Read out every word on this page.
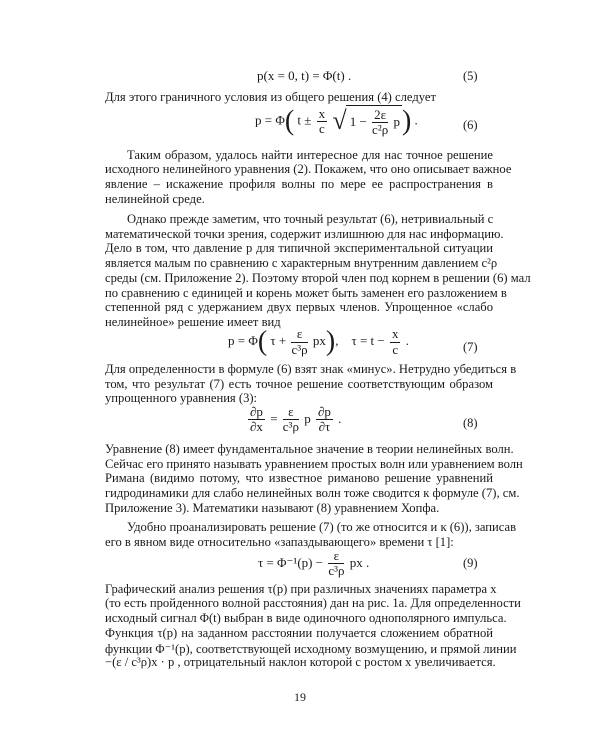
p(x = 0, t) = Φ(t) .	(5)
Для этого граничного условия из общего решения (4) следует
p = Φ( $t \pm \frac{x}{c}$ √ $1 - \frac{2\varepsilon}{\text{c²ρ}} p$) .	(6)
Таким образом, удалось найти интересное для нас точное решение
исходного нелинейного уравнения (2). Покажем, что оно описывает важное
явление – искажение профиля волны по мере ее распространения в
нелинейной среде.
Однако прежде заметим, что точный результат (6), нетривиальный с
математической точки зрения, содержит излишнюю для нас информацию.
Дело в том, что давление p для типичной экспериментальной ситуации
является малым по сравнению с характерным внутренним давлением c²ρ
среды (см. Приложение 2). Поэтому второй член под корнем в решении (6) мал
по сравнению с единицей и корень может быть заменен его разложением в
степенной ряд с удержанием двух первых членов. Упрощенное «слабо
нелинейное» решение имеет вид
p = Φ( $\tau + \frac{\varepsilon}{\text{c³ρ}} px$), $\tau = t - \frac{x}{c}$ .	(7)
Для определенности в формуле (6) взят знак «минус». Нетрудно убедиться в
том, что результат (7) есть точное решение соответствующим образом
упрощенного уравнения (3):
$\frac{\partial p}{\partial x} = \frac{\varepsilon}{\text{c³ρ}}$ p $\frac{\partial p}{\partial\tau}$ .	(8)
Уравнение (8) имеет фундаментальное значение в теории нелинейных волн.
Сейчас его принято называть уравнением простых волн или уравнением волн
Римана (видимо потому, что известное риманово решение уравнений
гидродинамики для слабо нелинейных волн тоже сводится к формуле (7), см.
Приложение 3). Математики называют (8) уравнением Хопфа.
Удобно проанализировать решение (7) (то же относится и к (6)), записав
его в явном виде относительно «запаздывающего» времени τ [1]:
$\tau = \Phi^{-1}(p) - \frac{\varepsilon}{\text{c³ρ}}$ px .	(9)
Графический анализ решения τ(p) при различных значениях параметра x
(то есть пройденного волной расстояния) дан на рис. 1а. Для определенности
19
исходный сигнал Φ(t) выбран в виде одиночного однополярного импульса.
Функция τ(p) на заданном расстоянии получается сложением обратной
функции Φ⁻¹(p), соответствующей исходному возмущению, и прямой линии
−(ε / c³ρ)x · p , отрицательный наклон которой с ростом x увеличивается.
